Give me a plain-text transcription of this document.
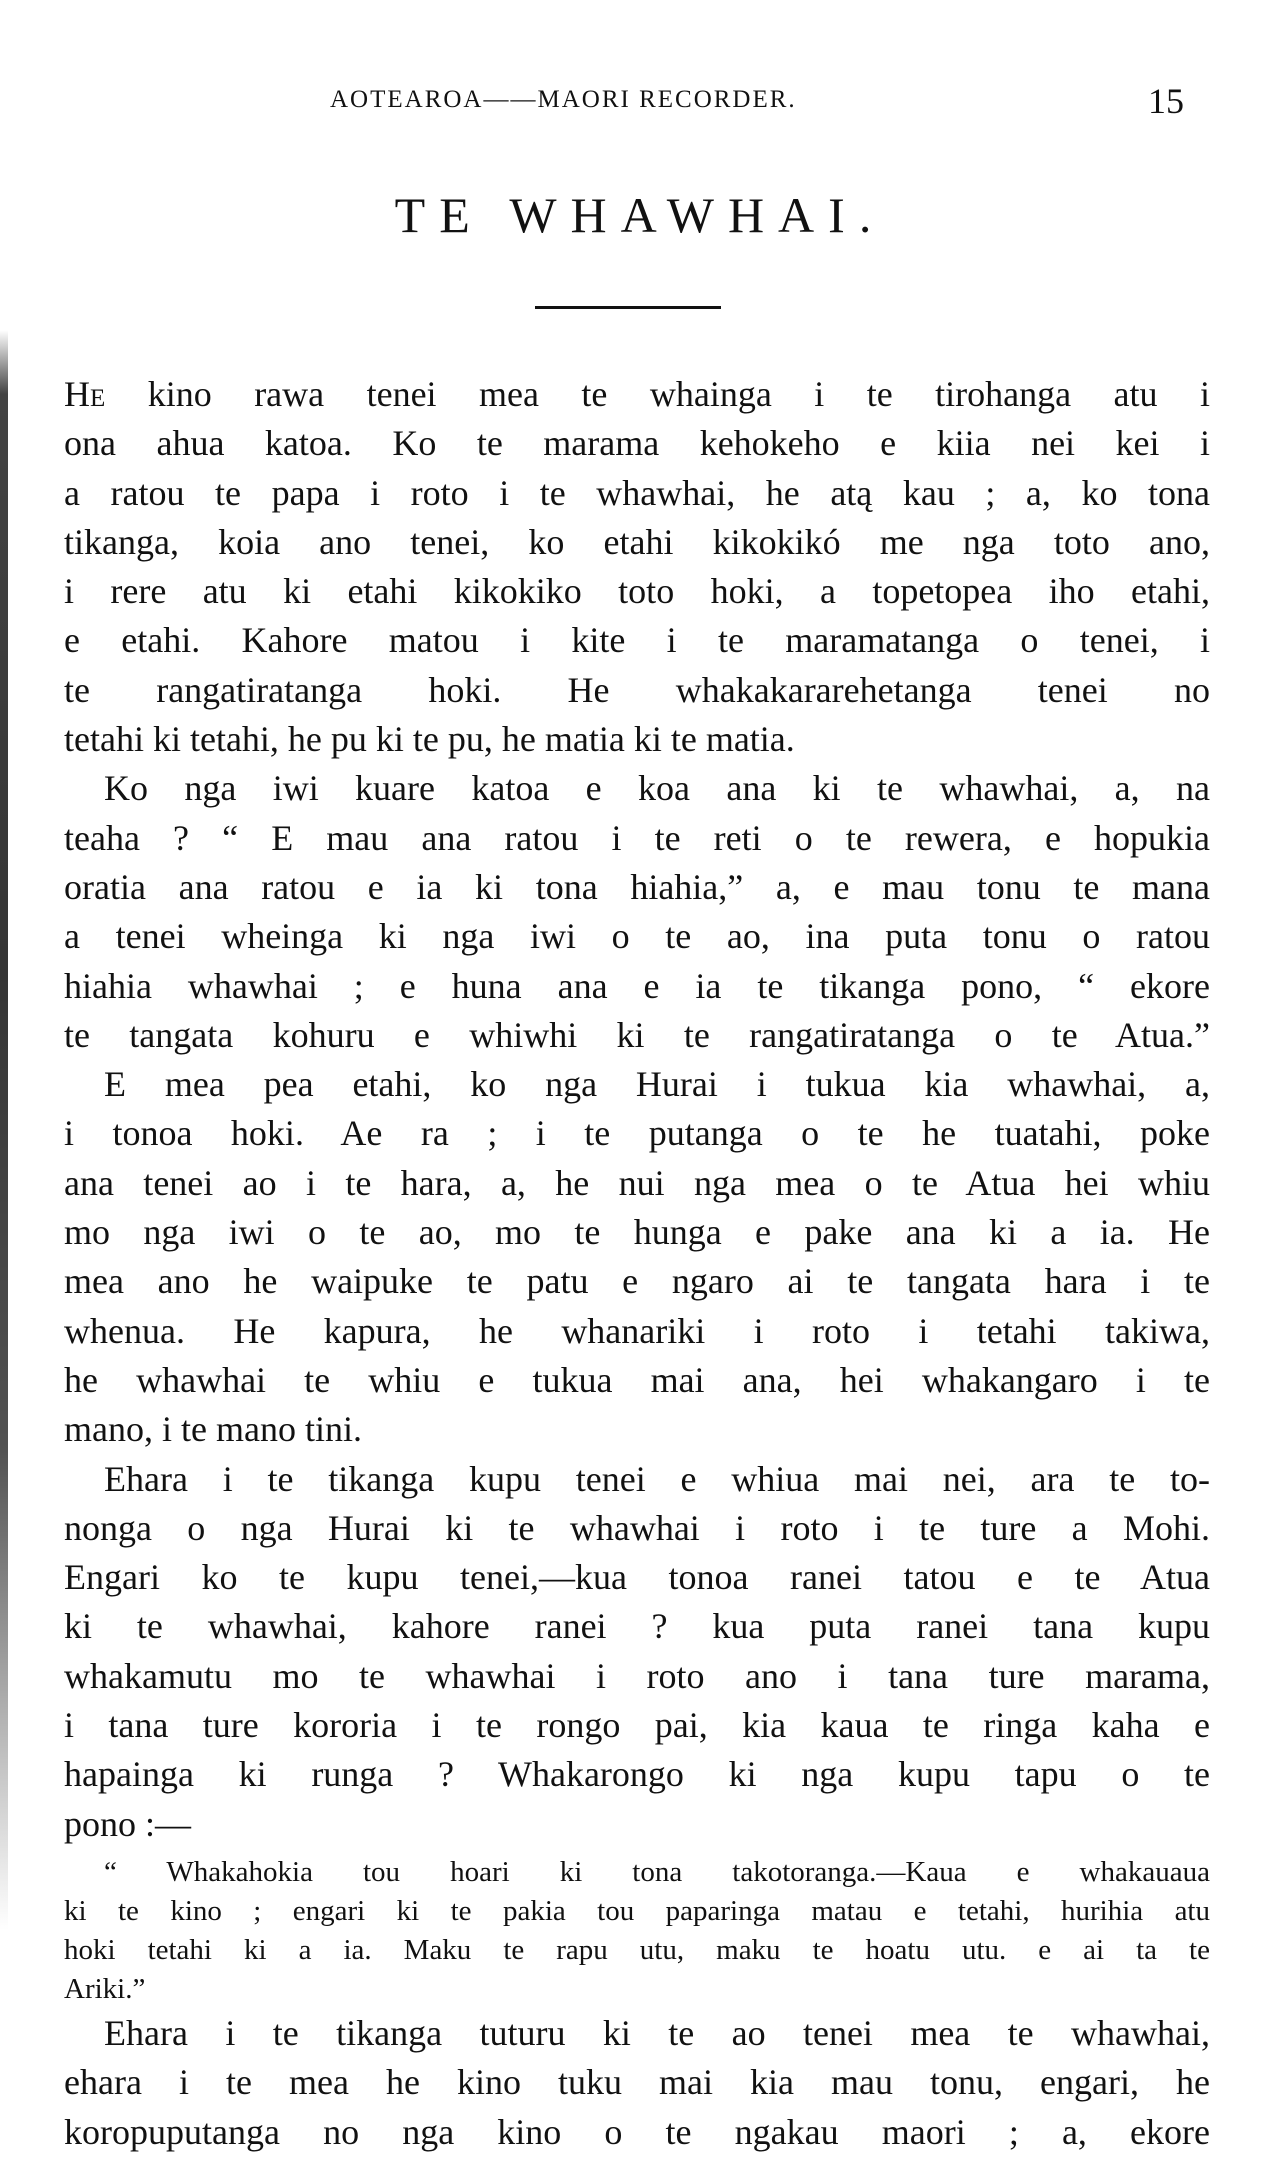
AOTEAROA——MAORI RECORDER.	15
TE WHAWHAI.
He kino rawa tenei mea te whainga i te tirohanga atu i
ona ahua katoa. Ko te marama kehokeho e kiia nei kei i
a ratou te papa i roto i te whawhai, he atą kau ; a, ko tona
tikanga, koia ano tenei, ko etahi kikokikó me nga toto ano,
i rere atu ki etahi kikokiko toto hoki, a topetopea iho etahi,
e etahi. Kahore matou i kite i te maramatanga o tenei, i
te rangatiratanga hoki. He whakakararehetanga tenei no
tetahi ki tetahi, he pu ki te pu, he matia ki te matia.
Ko nga iwi kuare katoa e koa ana ki te whawhai, a, na
teaha ? “ E mau ana ratou i te reti o te rewera, e hopukia
oratia ana ratou e ia ki tona hiahia,” a, e mau tonu te mana
a tenei wheinga ki nga iwi o te ao, ina puta tonu o ratou
hiahia whawhai ; e huna ana e ia te tikanga pono, “ ekore
te tangata kohuru e whiwhi ki te rangatiratanga o te Atua.”
E mea pea etahi, ko nga Hurai i tukua kia whawhai, a,
i tonoa hoki. Ae ra ; i te putanga o te he tuatahi, poke
ana tenei ao i te hara, a, he nui nga mea o te Atua hei whiu
mo nga iwi o te ao, mo te hunga e pake ana ki a ia. He
mea ano he waipuke te patu e ngaro ai te tangata hara i te
whenua. He kapura, he whanariki i roto i tetahi takiwa,
he whawhai te whiu e tukua mai ana, hei whakangaro i te
mano, i te mano tini.
Ehara i te tikanga kupu tenei e whiua mai nei, ara te to-
nonga o nga Hurai ki te whawhai i roto i te ture a Mohi.
Engari ko te kupu tenei,—kua tonoa ranei tatou e te Atua
ki te whawhai, kahore ranei ? kua puta ranei tana kupu
whakamutu mo te whawhai i roto ano i tana ture marama,
i tana ture kororia i te rongo pai, kia kaua te ringa kaha e
hapainga ki runga ? Whakarongo ki nga kupu tapu o te
pono :—
“ Whakahokia tou hoari ki tona takotoranga.—Kaua e whakauaua
ki te kino ; engari ki te pakia tou paparinga matau e tetahi, hurihia atu
hoki tetahi ki a ia. Maku te rapu utu, maku te hoatu utu. e ai ta te
Ariki.”
Ehara i te tikanga tuturu ki te ao tenei mea te whawhai,
ehara i te mea he kino tuku mai kia mau tonu, engari, he
koropuputanga no nga kino o te ngakau maori ; a, ekore
